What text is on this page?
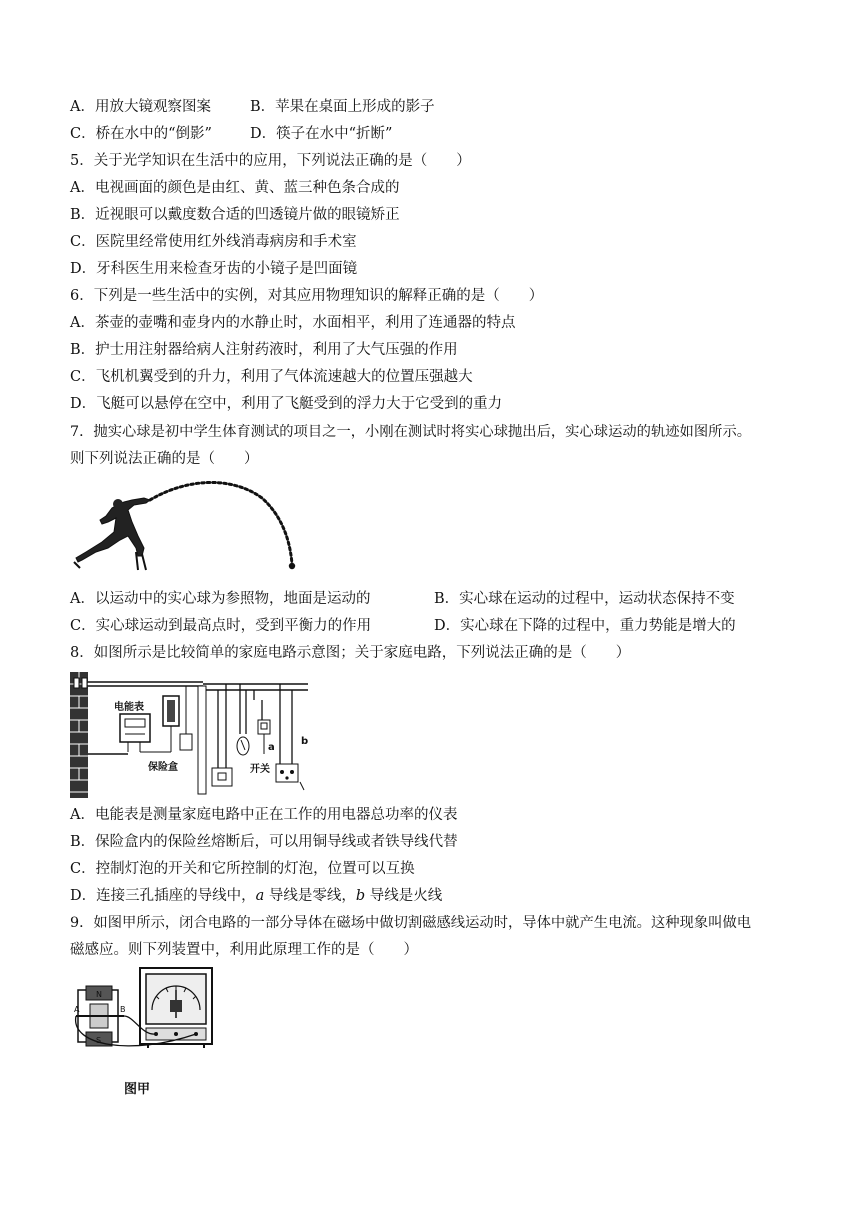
A．用放大镜观察图案	B．苹果在桌面上形成的影子
C．桥在水中的“倒影”	D．筷子在水中“折断”
5．关于光学知识在生活中的应用，下列说法正确的是（　　）
A．电视画面的颜色是由红、黄、蓝三种色条合成的
B．近视眼可以戴度数合适的凹透镜片做的眼镜矫正
C．医院里经常使用红外线消毒病房和手术室
D．牙科医生用来检查牙齿的小镜子是凹面镜
6．下列是一些生活中的实例，对其应用物理知识的解释正确的是（　　）
A．茶壶的壶嘴和壶身内的水静止时，水面相平，利用了连通器的特点
B．护士用注射器给病人注射药液时，利用了大气压强的作用
C．飞机机翼受到的升力，利用了气体流速越大的位置压强越大
D．飞艇可以悬停在空中，利用了飞艇受到的浮力大于它受到的重力
7．抛实心球是初中学生体育测试的项目之一，小刚在测试时将实心球抛出后，实心球运动的轨迹如图所示。
则下列说法正确的是（　　）
A．以运动中的实心球为参照物，地面是运动的	B．实心球在运动的过程中，运动状态保持不变
C．实心球运动到最高点时，受到平衡力的作用	D．实心球在下降的过程中，重力势能是增大的
8．如图所示是比较简单的家庭电路示意图；关于家庭电路，下列说法正确的是（　　）
电能表
保险盒	开关
a
b
A．电能表是测量家庭电路中正在工作的用电器总功率的仪表
B．保险盒内的保险丝熔断后，可以用铜导线或者铁导线代替
C．控制灯泡的开关和它所控制的灯泡，位置可以互换
D．连接三孔插座的导线中，a 导线是零线，b 导线是火线
9．如图甲所示，闭合电路的一部分导体在磁场中做切割磁感线运动时，导体中就产生电流。这种现象叫做电
磁感应。则下列装置中，利用此原理工作的是（　　）
N
S
A	B
图甲
